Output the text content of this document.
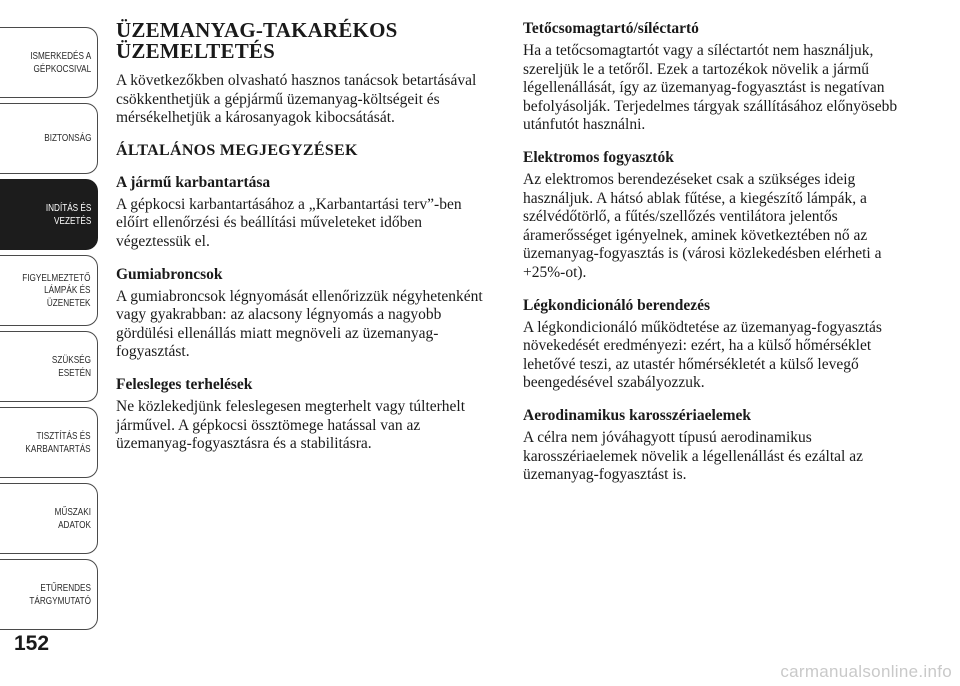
ISMERKEDÉS A
GÉPKOCSIVAL
BIZTONSÁG
INDÍTÁS ÉS
VEZETÉS
FIGYELMEZTETŐ
LÁMPÁK ÉS
ÜZENETEK
SZÜKSÉG ESETÉN
TISZTÍTÁS ÉS
KARBANTARTÁS
MŰSZAKI ADATOK
ETŰRENDES
TÁRGYMUTATÓ
152
ÜZEMANYAG-TAKARÉKOS ÜZEMELTETÉS

A következőkben olvasható hasznos tanácsok betartásával csökkenthetjük a gépjármű üzemanyag-költségeit és mérsékelhetjük a károsanyagok kibocsátását.

ÁLTALÁNOS MEGJEGYZÉSEK
A jármű karbantartása

A gépkocsi karbantartásához a „Karbantartási terv”-ben előírt ellenőrzési és beállítási műveleteket időben végeztessük el.

Gumiabroncsok

A gumiabroncsok légnyomását ellenőrizzük négyhetenként vagy gyakrabban: az alacsony légnyomás a nagyobb gördülési ellenállás miatt megnöveli az üzemanyag-fogyasztást.

Felesleges terhelések

Ne közlekedjünk feleslegesen megterhelt vagy túlterhelt járművel. A gépkocsi össztömege hatással van az üzemanyag-fogyasztásra és a stabilitásra.

Tetőcsomagtartó/síléctartó

Ha a tetőcsomagtartót vagy a síléctartót nem használjuk, szereljük le a tetőről. Ezek a tartozékok növelik a jármű légellenállását, így az üzemanyag-fogyasztást is negatívan befolyásolják. Terjedelmes tárgyak szállításához előnyösebb utánfutót használni.

Elektromos fogyasztók

Az elektromos berendezéseket csak a szükséges ideig használjuk. A hátsó ablak fűtése, a kiegészítő lámpák, a szélvédőtörlő, a fűtés/szellőzés ventilátora jelentős áramerősséget igényelnek, aminek következtében nő az üzemanyag-fogyasztás is (városi közlekedésben elérheti a +25%-ot).

Légkondicionáló berendezés

A légkondicionáló működtetése az üzemanyag-fogyasztás növekedését eredményezi: ezért, ha a külső hőmérséklet lehetővé teszi, az utastér hőmérsékletét a külső levegő beengedésével szabályozzuk.

Aerodinamikus karosszériaelemek

A célra nem jóváhagyott típusú aerodinamikus karosszériaelemek növelik a légellenállást és ezáltal az üzemanyag-fogyasztást is.

carmanualsonline.info
